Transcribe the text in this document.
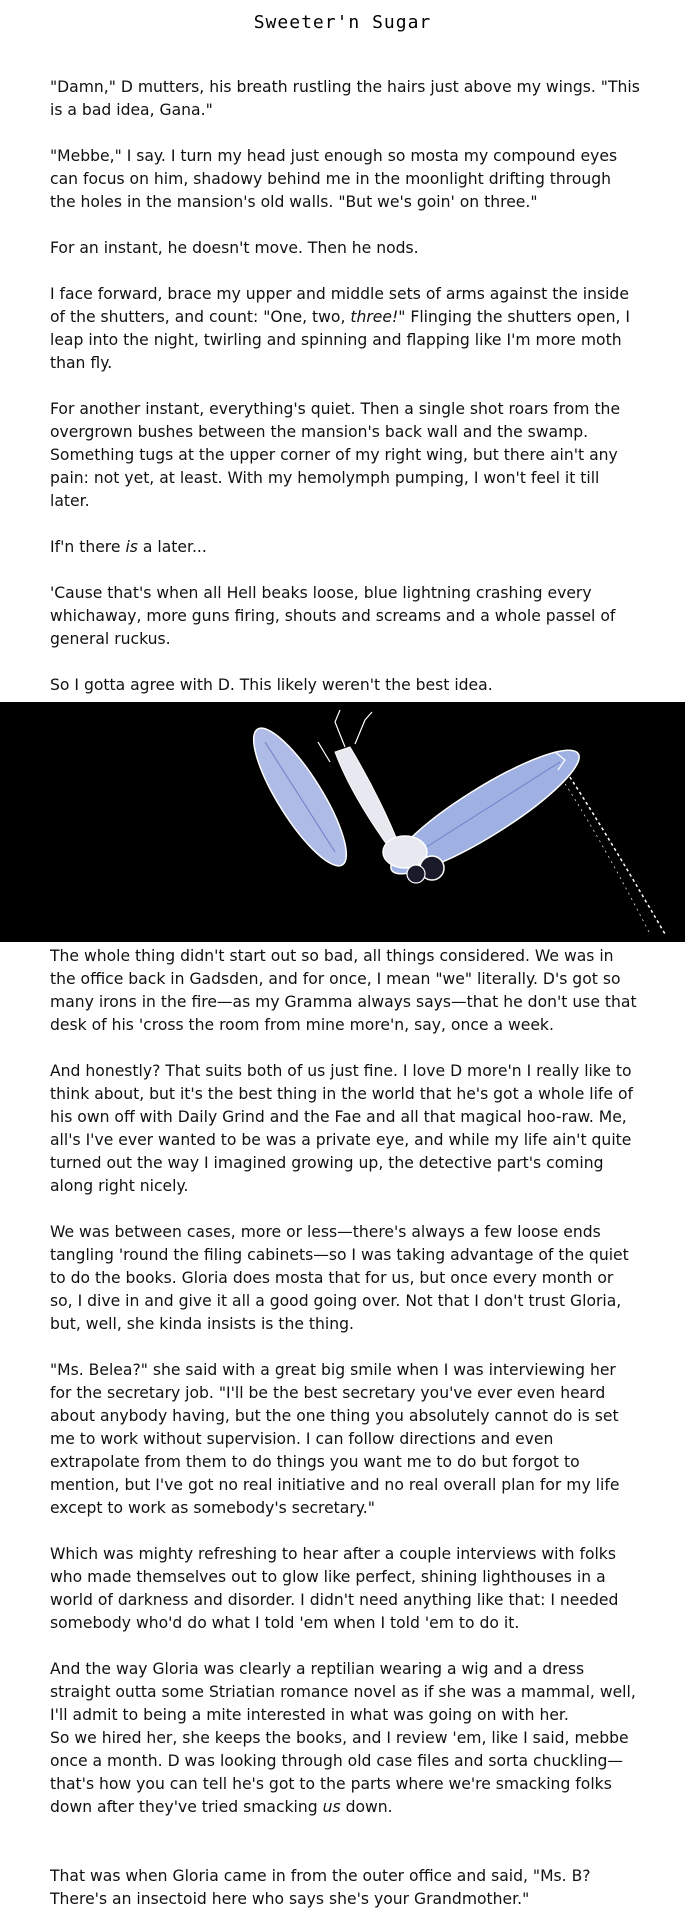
Sweeter'n Sugar

"Damn," D mutters, his breath rustling the hairs just above my wings. "This is a bad idea, Gana."

"Mebbe," I say. I turn my head just enough so mosta my compound eyes can focus on him, shadowy behind me in the moonlight drifting through the holes in the mansion's old walls. "But we's goin' on three."

For an instant, he doesn't move. Then he nods.

I face forward, brace my upper and middle sets of arms against the inside of the shutters, and count: "One, two, three!" Flinging the shutters open, I leap into the night, twirling and spinning and flapping like I'm more moth than fly.

For another instant, everything's quiet. Then a single shot roars from the overgrown bushes between the mansion's back wall and the swamp. Something tugs at the upper corner of my right wing, but there ain't any pain: not yet, at least. With my hemolymph pumping, I won't feel it till later.

If'n there is a later...

'Cause that's when all Hell beaks loose, blue lightning crashing every whichaway, more guns firing, shouts and screams and a whole passel of general ruckus.

So I gotta agree with D. This likely weren't the best idea.

The whole thing didn't start out so bad, all things considered. We was in the office back in Gadsden, and for once, I mean "we" literally. D's got so many irons in the fire—as my Gramma always says—that he don't use that desk of his 'cross the room from mine more'n, say, once a week.

And honestly? That suits both of us just fine. I love D more'n I really like to think about, but it's the best thing in the world that he's got a whole life of his own off with Daily Grind and the Fae and all that magical hoo-raw. Me, all's I've ever wanted to be was a private eye, and while my life ain't quite turned out the way I imagined growing up, the detective part's coming along right nicely.

We was between cases, more or less—there's always a few loose ends tangling 'round the filing cabinets—so I was taking advantage of the quiet to do the books. Gloria does mosta that for us, but once every month or so, I dive in and give it all a good going over. Not that I don't trust Gloria, but, well, she kinda insists is the thing.

"Ms. Belea?" she said with a great big smile when I was interviewing her for the secretary job. "I'll be the best secretary you've ever even heard about anybody having, but the one thing you absolutely cannot do is set me to work without supervision. I can follow directions and even extrapolate from them to do things you want me to do but forgot to mention, but I've got no real initiative and no real overall plan for my life except to work as somebody's secretary."

Which was mighty refreshing to hear after a couple interviews with folks who made themselves out to glow like perfect, shining lighthouses in a world of darkness and disorder. I didn't need anything like that: I needed somebody who'd do what I told 'em when I told 'em to do it.

And the way Gloria was clearly a reptilian wearing a wig and a dress straight outta some Striatian romance novel as if she was a mammal, well, I'll admit to being a mite interested in what was going on with her.

So we hired her, she keeps the books, and I review 'em, like I said, mebbe once a month. D was looking through old case files and sorta chuckling—that's how you can tell he's got to the parts where we're smacking folks down after they've tried smacking us down.

That was when Gloria came in from the outer office and said, "Ms. B? There's an insectoid here who says she's your Grandmother."
